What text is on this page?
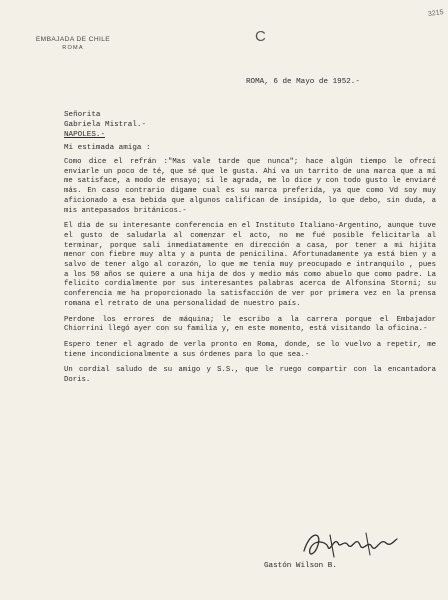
EMBAJADA DE CHILE
ROMA
C
3215
ROMA, 6 de Mayo de 1952.-
Señorita
Gabriela Mistral.-
NAPOLES.-
Mi estimada amiga :

Como dice el refrán :"Mas vale tarde que nunca"; hace algún tiempo le ofrecí enviarle un poco de té, que sé que le gusta. Ahí va un tarrito de una marca que a mí me satisface, a modo de ensayo; si le agrada, me lo dice y con todo gusto le enviaré más. En caso contrario dígame cual es su marca preferida, ya que como Vd soy muy aficionado a esa bebida que algunos califican de insípida, lo que debo, sin duda, a mis antepasados británicos.-

El día de su interesante conferencia en el Instituto Italiano-Argentino, aunque tuve el gusto de saludarla al comenzar el acto, no me fué posible felicitarla al terminar, porque salí inmediatamente en dirección a casa, por tener a mi hijita menor con fiebre muy alta y a punta de penicilina. Afortunadamente ya está bien y a salvo de tener algo al corazón, lo que me tenía muy preocupado e intranquilo , pues a los 50 años se quiere a una hija de dos y medio más como abuelo que como padre. La felicito cordialmente por sus interesantes palabras acerca de Alfonsina Storni; su conferencia me ha proporcionado la satisfacción de ver por primera vez en la prensa romana el retrato de una personalidad de nuestro país.

Perdone los errores de máquina; le escribo a la carrera porque el Embajador Chiorrini llegó ayer con su familia y, en este momento, está visitando la oficina.-

Espero tener el agrado de verla pronto en Roma, donde, se lo vuelvo a repetir, me tiene incondicionalmente a sus órdenes para lo que sea.-

Un cordial saludo de su amigo y S.S., que le ruego compartir con la encantadora Doris.

Gastón Wilson B.
